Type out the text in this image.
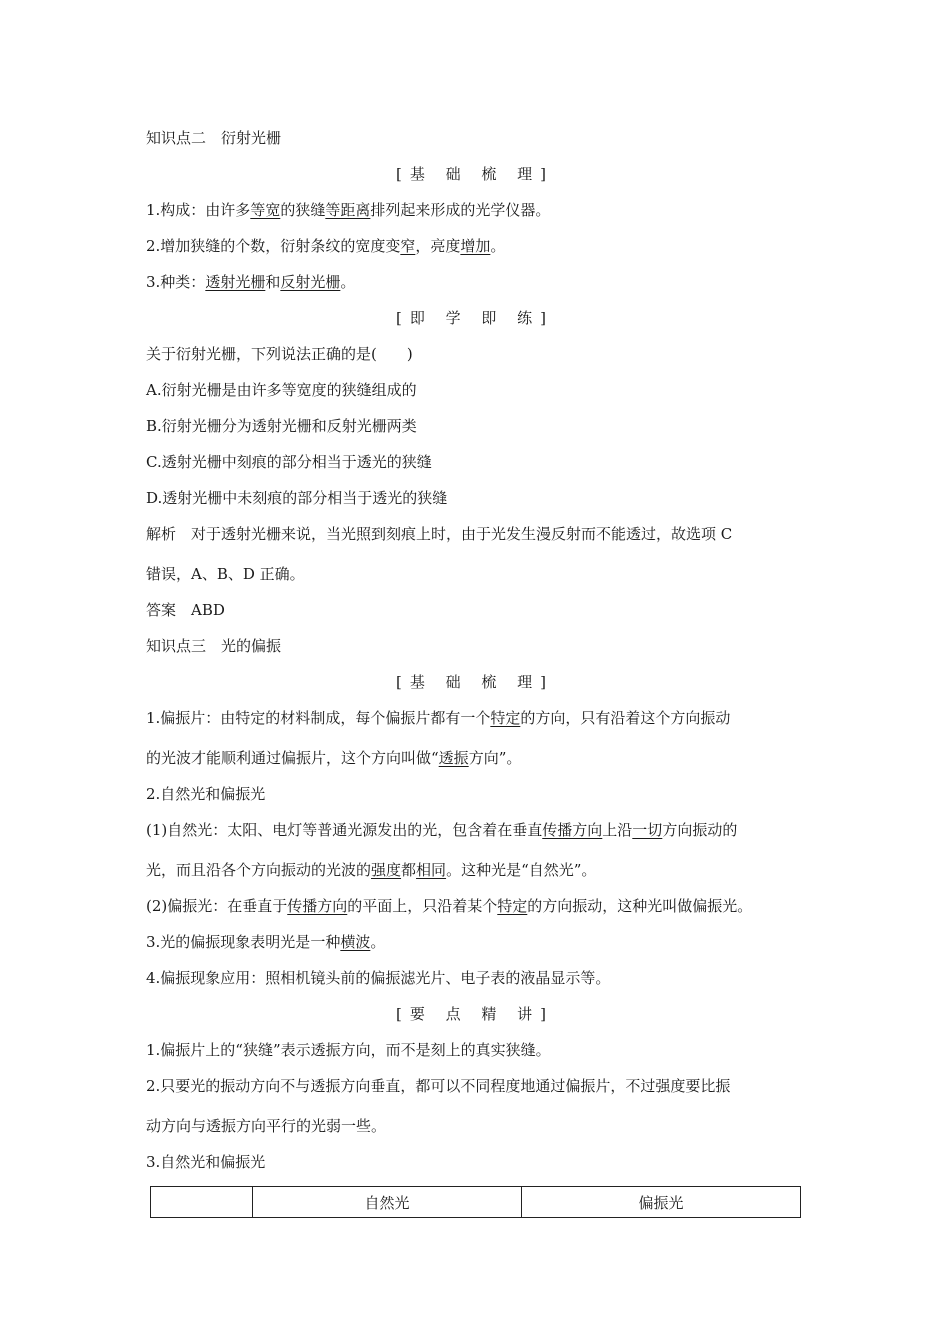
知识点二　衍射光栅
[基 础 梳 理]
1.构成：由许多等宽的狭缝等距离排列起来形成的光学仪器。
2.增加狭缝的个数，衍射条纹的宽度变窄，亮度增加。
3.种类：透射光栅和反射光栅。
[即 学 即 练]
关于衍射光栅，下列说法正确的是(　　)
A.衍射光栅是由许多等宽度的狭缝组成的
B.衍射光栅分为透射光栅和反射光栅两类
C.透射光栅中刻痕的部分相当于透光的狭缝
D.透射光栅中未刻痕的部分相当于透光的狭缝
解析　对于透射光栅来说，当光照到刻痕上时，由于光发生漫反射而不能透过，故选项 C
错误，A、B、D 正确。
答案　ABD
知识点三　光的偏振
[基 础 梳 理]
1.偏振片：由特定的材料制成，每个偏振片都有一个特定的方向，只有沿着这个方向振动
的光波才能顺利通过偏振片，这个方向叫做“透振方向”。
2.自然光和偏振光
(1)自然光：太阳、电灯等普通光源发出的光，包含着在垂直传播方向上沿一切方向振动的
光，而且沿各个方向振动的光波的强度都相同。这种光是“自然光”。
(2)偏振光：在垂直于传播方向的平面上，只沿着某个特定的方向振动，这种光叫做偏振光。
3.光的偏振现象表明光是一种横波。
4.偏振现象应用：照相机镜头前的偏振滤光片、电子表的液晶显示等。
[要 点 精 讲]
1.偏振片上的“狭缝”表示透振方向，而不是刻上的真实狭缝。
2.只要光的振动方向不与透振方向垂直，都可以不同程度地通过偏振片，不过强度要比振
动方向与透振方向平行的光弱一些。
3.自然光和偏振光
	自然光	偏振光
